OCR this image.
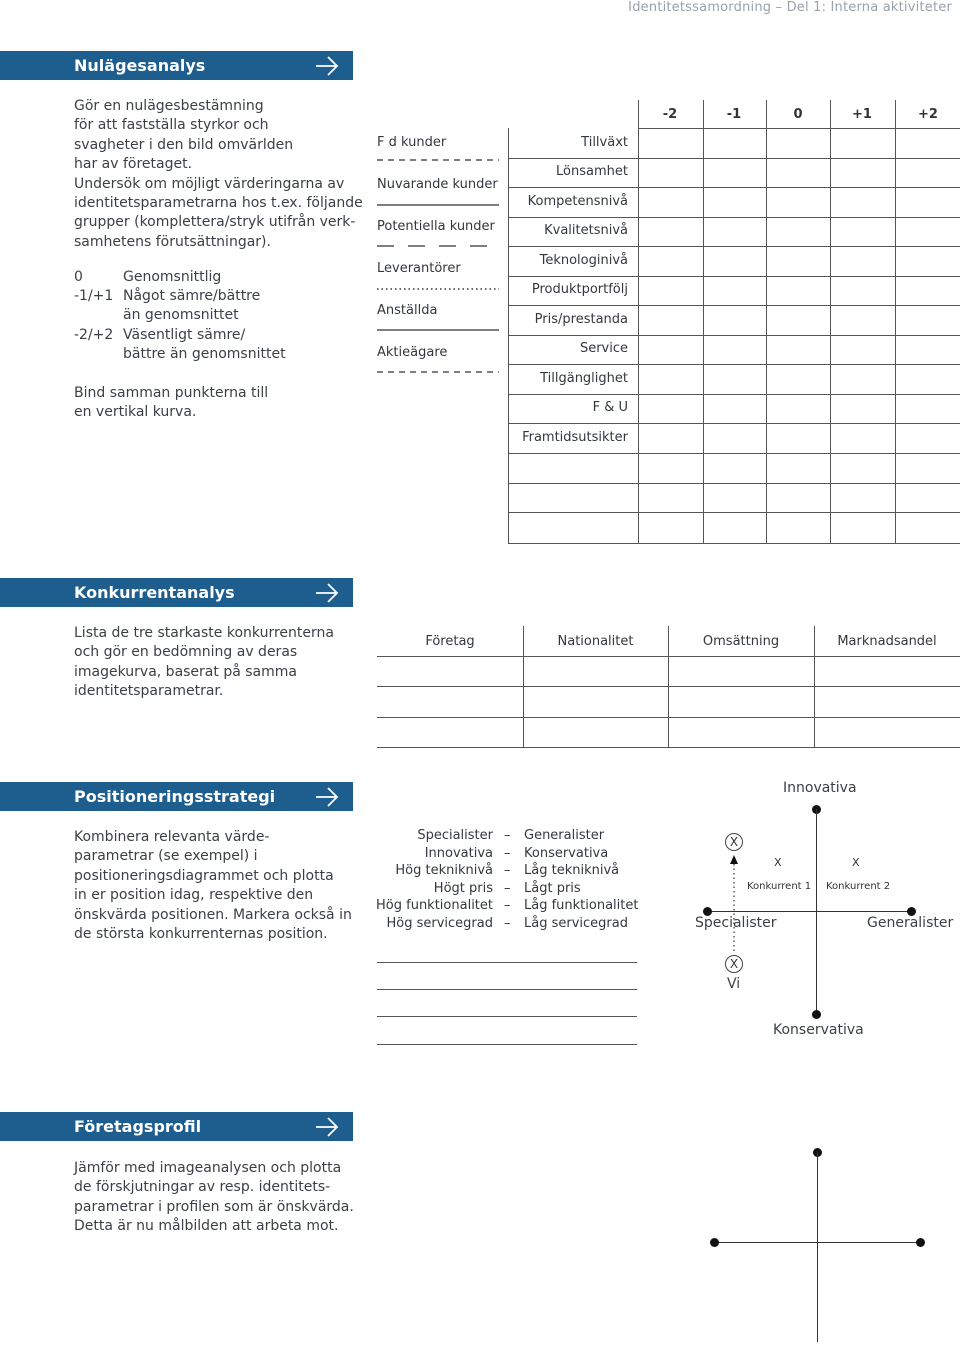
Identitetssamordning – Del 1: Interna aktiviteter
Nulägesanalys
Gör en nulägesbestämning
för att fastställa styrkor och
svagheter i den bild omvärlden
har av företaget.
Undersök om möjligt värderingarna av
identitetsparametrarna hos t.ex. följande
grupper (komplettera/stryk utifrån verk-
samhetens förutsättningar).
0	Genomsnittlig
-1/+1 Något sämre/bättre
än genomsnittet
-2/+2 Väsentligt sämre/
bättre än genomsnittet
Bind samman punkterna till
en vertikal kurva.
F d kunder
Nuvarande kunder
Potentiella kunder
Leverantörer
Anställda
Aktieägare
-2	-1	0	+1	+2
Tillväxt
Lönsamhet
Kompetensnivå
Kvalitetsnivå
Teknologinivå
Produktportfölj
Pris/prestanda
Service
Tillgänglighet
F & U
Framtidsutsikter
Konkurrentanalys
Lista de tre starkaste konkurrenterna
och gör en bedömning av deras
imagekurva, baserat på samma
identitetsparametrar.
Företag	Nationalitet	Omsättning	Marknadsandel
Positioneringsstrategi
Kombinera relevanta värde-
parametrar (se exempel) i
positioneringsdiagrammet och plotta
in er position idag, respektive den
önskvärda positionen. Markera också in
de största konkurrenternas position.
Specialister – Generalister
Innovativa – Konservativa
Hög tekniknivå – Låg tekniknivå
Högt pris – Lågt pris
Hög funktionalitet – Låg funktionalitet
Hög servicegrad – Låg servicegrad
Innovativa
Konservativa
Specialister	Generalister
X
Konkurrent 1
X
Konkurrent 2
X
X
Vi
Företagsprofil
Jämför med imageanalysen och plotta
de förskjutningar av resp. identitets-
parametrar i profilen som är önskvärda.
Detta är nu målbilden att arbeta mot.
